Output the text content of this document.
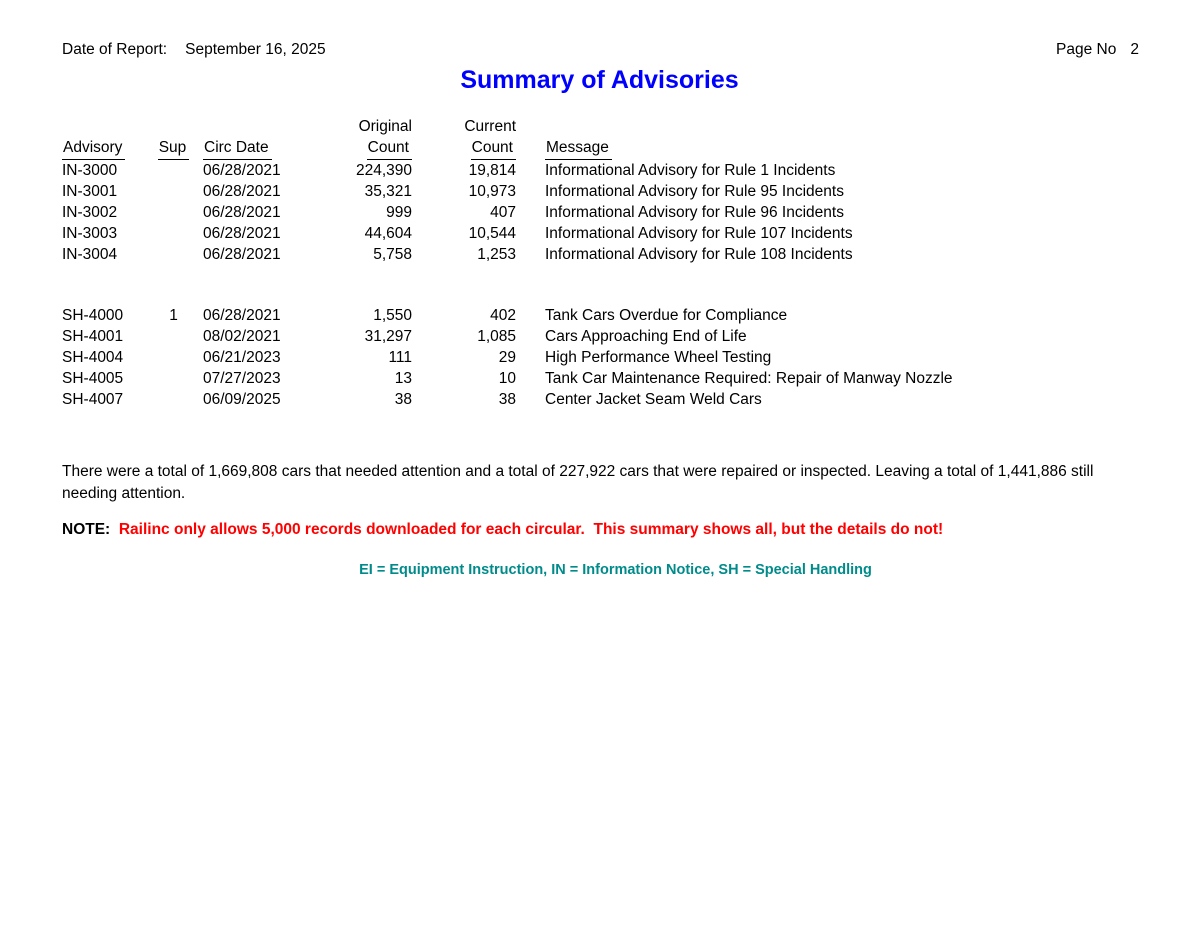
Date of Report: September 16, 2025	Page No 2
Summary of Advisories
			Original	Current	
Advisory	Sup	Circ Date	Count	Count	Message
IN-3000		06/28/2021	224,390	19,814	Informational Advisory for Rule 1 Incidents
IN-3001		06/28/2021	35,321	10,973	Informational Advisory for Rule 95 Incidents
IN-3002		06/28/2021	999	407	Informational Advisory for Rule 96 Incidents
IN-3003		06/28/2021	44,604	10,544	Informational Advisory for Rule 107 Incidents
IN-3004		06/28/2021	5,758	1,253	Informational Advisory for Rule 108 Incidents

SH-4000	1	06/28/2021	1,550	402	Tank Cars Overdue for Compliance
SH-4001		08/02/2021	31,297	1,085	Cars Approaching End of Life
SH-4004		06/21/2023	111	29	High Performance Wheel Testing
SH-4005		07/27/2023	13	10	Tank Car Maintenance Required: Repair of Manway Nozzle
SH-4007		06/09/2025	38	38	Center Jacket Seam Weld Cars
There were a total of 1,669,808 cars that needed attention and a total of 227,922 cars that were repaired or inspected. Leaving a total of 1,441,886 still needing attention.
NOTE:  Railinc only allows 5,000 records downloaded for each circular.  This summary shows all, but the details do not!
EI = Equipment Instruction, IN = Information Notice, SH = Special Handling
